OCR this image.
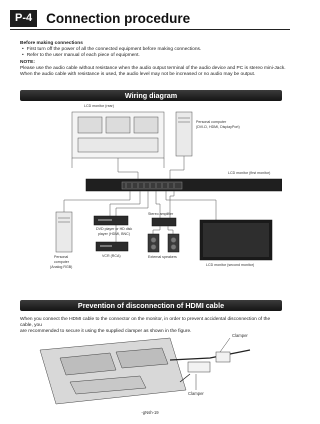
P-4	Connection procedure
Before making connections
• First turn off the power of all the connected equipment before making connections.
• Refer to the user manual of each piece of equipment.
NOTE:
Please use the audio cable without resistance when the audio output terminal of the audio device and PC is stereo mini-Jack.
When the audio cable with resistance is used, the audio level may not be increased or no audio may be output.
Wiring diagram
LCD monitor (rear)
Personal computer
(DVI-D, HDMI, DisplayPort)
LCD monitor (first monitor)
Personal
computer
(Analog RGB)
DVD player or HD disk
player (HDMI, BNC)
VCR (RCA)
Stereo amplifier
External speakers
LCD monitor (second monitor)
Prevention of disconnection of HDMI cable
When you connect the HDMI cable to the connector on the monitor, in order to prevent accidental disconnection of the cable, you
are recommended to secure it using the supplied clamper as shown in the figure.
Clamper
Clamper
-gNsh-19
